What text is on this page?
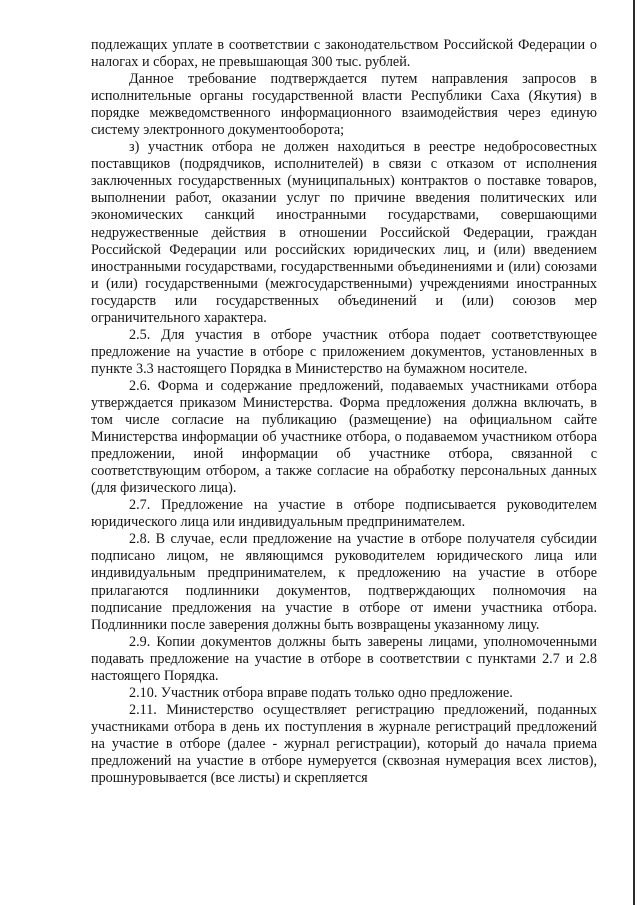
подлежащих уплате в соответствии с законодательством Российской Федерации о налогах и сборах, не превышающая 300 тыс. рублей.

Данное требование подтверждается путем направления запросов в исполнительные органы государственной власти Республики Саха (Якутия) в порядке межведомственного информационного взаимодействия через единую систему электронного документооборота;

з) участник отбора не должен находиться в реестре недобросовестных поставщиков (подрядчиков, исполнителей) в связи с отказом от исполнения заключенных государственных (муниципальных) контрактов о поставке товаров, выполнении работ, оказании услуг по причине введения политических или экономических санкций иностранными государствами, совершающими недружественные действия в отношении Российской Федерации, граждан Российской Федерации или российских юридических лиц, и (или) введением иностранными государствами, государственными объединениями и (или) союзами и (или) государственными (межгосударственными) учреждениями иностранных государств или государственных объединений и (или) союзов мер ограничительного характера.

2.5. Для участия в отборе участник отбора подает соответствующее предложение на участие в отборе с приложением документов, установленных в пункте 3.3 настоящего Порядка в Министерство на бумажном носителе.

2.6. Форма и содержание предложений, подаваемых участниками отбора утверждается приказом Министерства. Форма предложения должна включать, в том числе согласие на публикацию (размещение) на официальном сайте Министерства информации об участнике отбора, о подаваемом участником отбора предложении, иной информации об участнике отбора, связанной с соответствующим отбором, а также согласие на обработку персональных данных (для физического лица).

2.7. Предложение на участие в отборе подписывается руководителем юридического лица или индивидуальным предпринимателем.

2.8. В случае, если предложение на участие в отборе получателя субсидии подписано лицом, не являющимся руководителем юридического лица или индивидуальным предпринимателем, к предложению на участие в отборе прилагаются подлинники документов, подтверждающих полномочия на подписание предложения на участие в отборе от имени участника отбора. Подлинники после заверения должны быть возвращены указанному лицу.

2.9. Копии документов должны быть заверены лицами, уполномоченными подавать предложение на участие в отборе в соответствии с пунктами 2.7 и 2.8 настоящего Порядка.

2.10. Участник отбора вправе подать только одно предложение.

2.11. Министерство осуществляет регистрацию предложений, поданных участниками отбора в день их поступления в журнале регистраций предложений на участие в отборе (далее - журнал регистрации), который до начала приема предложений на участие в отборе нумеруется (сквозная нумерация всех листов), прошнуровывается (все листы) и скрепляется
